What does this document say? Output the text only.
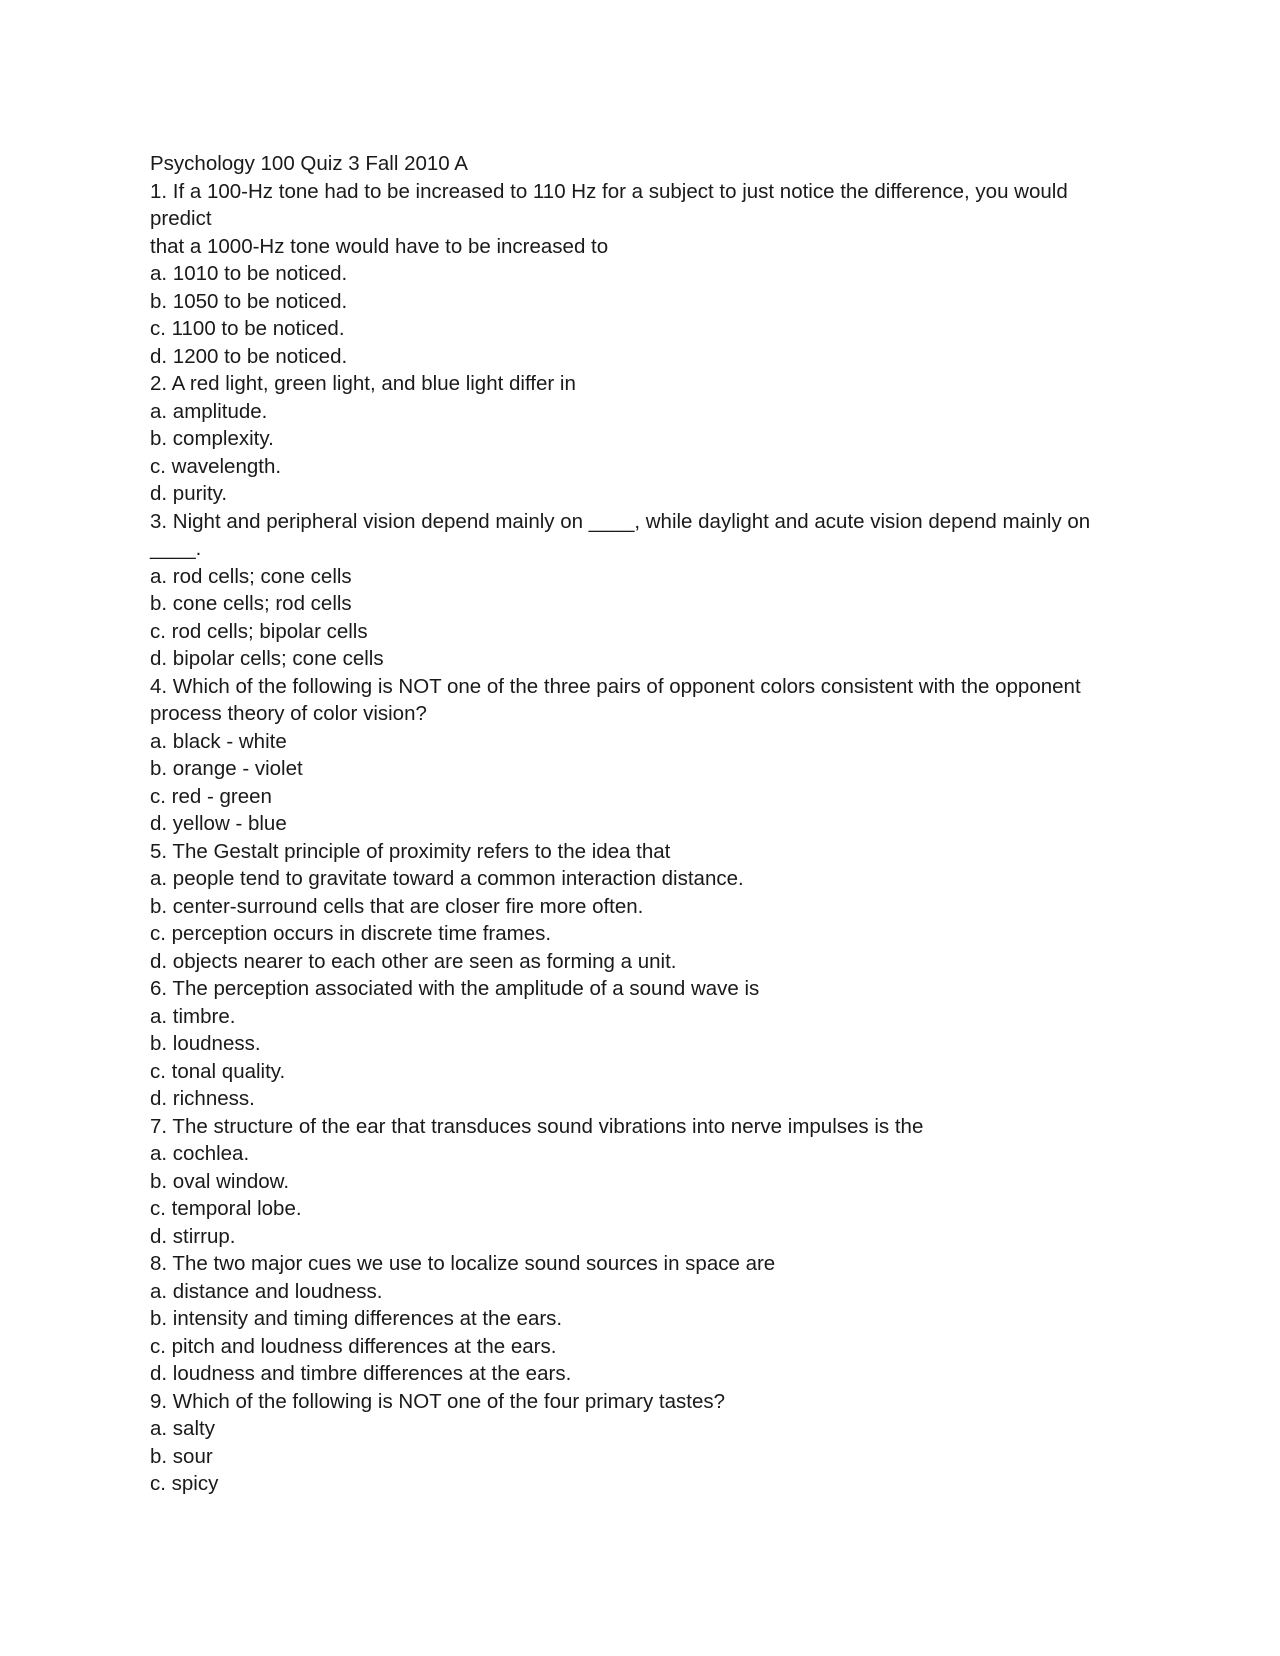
Psychology 100 Quiz 3 Fall 2010 A

1. If a 100-Hz tone had to be increased to 110 Hz for a subject to just notice the difference, you would

predict

that a 1000-Hz tone would have to be increased to

a. 1010 to be noticed.

b. 1050 to be noticed.

c. 1100 to be noticed.

d. 1200 to be noticed.

2. A red light, green light, and blue light differ in

a. amplitude.

b. complexity.

c. wavelength.

d. purity.

3. Night and peripheral vision depend mainly on ____, while daylight and acute vision depend mainly on

____.

a. rod cells; cone cells

b. cone cells; rod cells

c. rod cells; bipolar cells

d. bipolar cells; cone cells

4. Which of the following is NOT one of the three pairs of opponent colors consistent with the opponent

process theory of color vision?

a. black - white

b. orange - violet

c. red - green

d. yellow - blue

5. The Gestalt principle of proximity refers to the idea that

a. people tend to gravitate toward a common interaction distance.

b. center-surround cells that are closer fire more often.

c. perception occurs in discrete time frames.

d. objects nearer to each other are seen as forming a unit.

6. The perception associated with the amplitude of a sound wave is

a. timbre.

b. loudness.

c. tonal quality.

d. richness.

7. The structure of the ear that transduces sound vibrations into nerve impulses is the

a. cochlea.

b. oval window.

c. temporal lobe.

d. stirrup.

8. The two major cues we use to localize sound sources in space are

a. distance and loudness.

b. intensity and timing differences at the ears.

c. pitch and loudness differences at the ears.

d. loudness and timbre differences at the ears.

9. Which of the following is NOT one of the four primary tastes?

a. salty

b. sour

c. spicy
